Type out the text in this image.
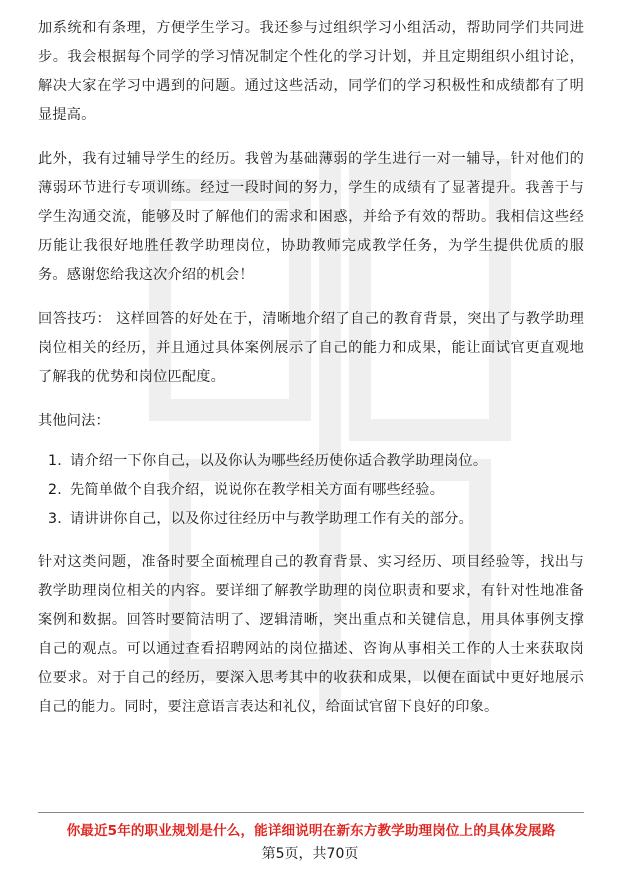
加系统和有条理，方便学生学习。我还参与过组织学习小组活动，帮助同学们共同进步。我会根据每个同学的学习情况制定个性化的学习计划，并且定期组织小组讨论，解决大家在学习中遇到的问题。通过这些活动，同学们的学习积极性和成绩都有了明显提高。

此外，我有过辅导学生的经历。我曾为基础薄弱的学生进行一对一辅导，针对他们的薄弱环节进行专项训练。经过一段时间的努力，学生的成绩有了显著提升。我善于与学生沟通交流，能够及时了解他们的需求和困惑，并给予有效的帮助。我相信这些经历能让我很好地胜任教学助理岗位，协助教师完成教学任务，为学生提供优质的服务。感谢您给我这次介绍的机会！

回答技巧： 这样回答的好处在于，清晰地介绍了自己的教育背景，突出了与教学助理岗位相关的经历，并且通过具体案例展示了自己的能力和成果，能让面试官更直观地了解我的优势和岗位匹配度。

其他问法：

1. 请介绍一下你自己，以及你认为哪些经历使你适合教学助理岗位。
2. 先简单做个自我介绍，说说你在教学相关方面有哪些经验。
3. 请讲讲你自己，以及你过往经历中与教学助理工作有关的部分。

针对这类问题，准备时要全面梳理自己的教育背景、实习经历、项目经验等，找出与教学助理岗位相关的内容。要详细了解教学助理的岗位职责和要求，有针对性地准备案例和数据。回答时要简洁明了、逻辑清晰，突出重点和关键信息，用具体事例支撑自己的观点。可以通过查看招聘网站的岗位描述、咨询从事相关工作的人士来获取岗位要求。对于自己的经历，要深入思考其中的收获和成果，以便在面试中更好地展示自己的能力。同时，要注意语言表达和礼仪，给面试官留下良好的印象。

你最近5年的职业规划是什么，能详细说明在新东方教学助理岗位上的具体发展路
第5页，共70页
